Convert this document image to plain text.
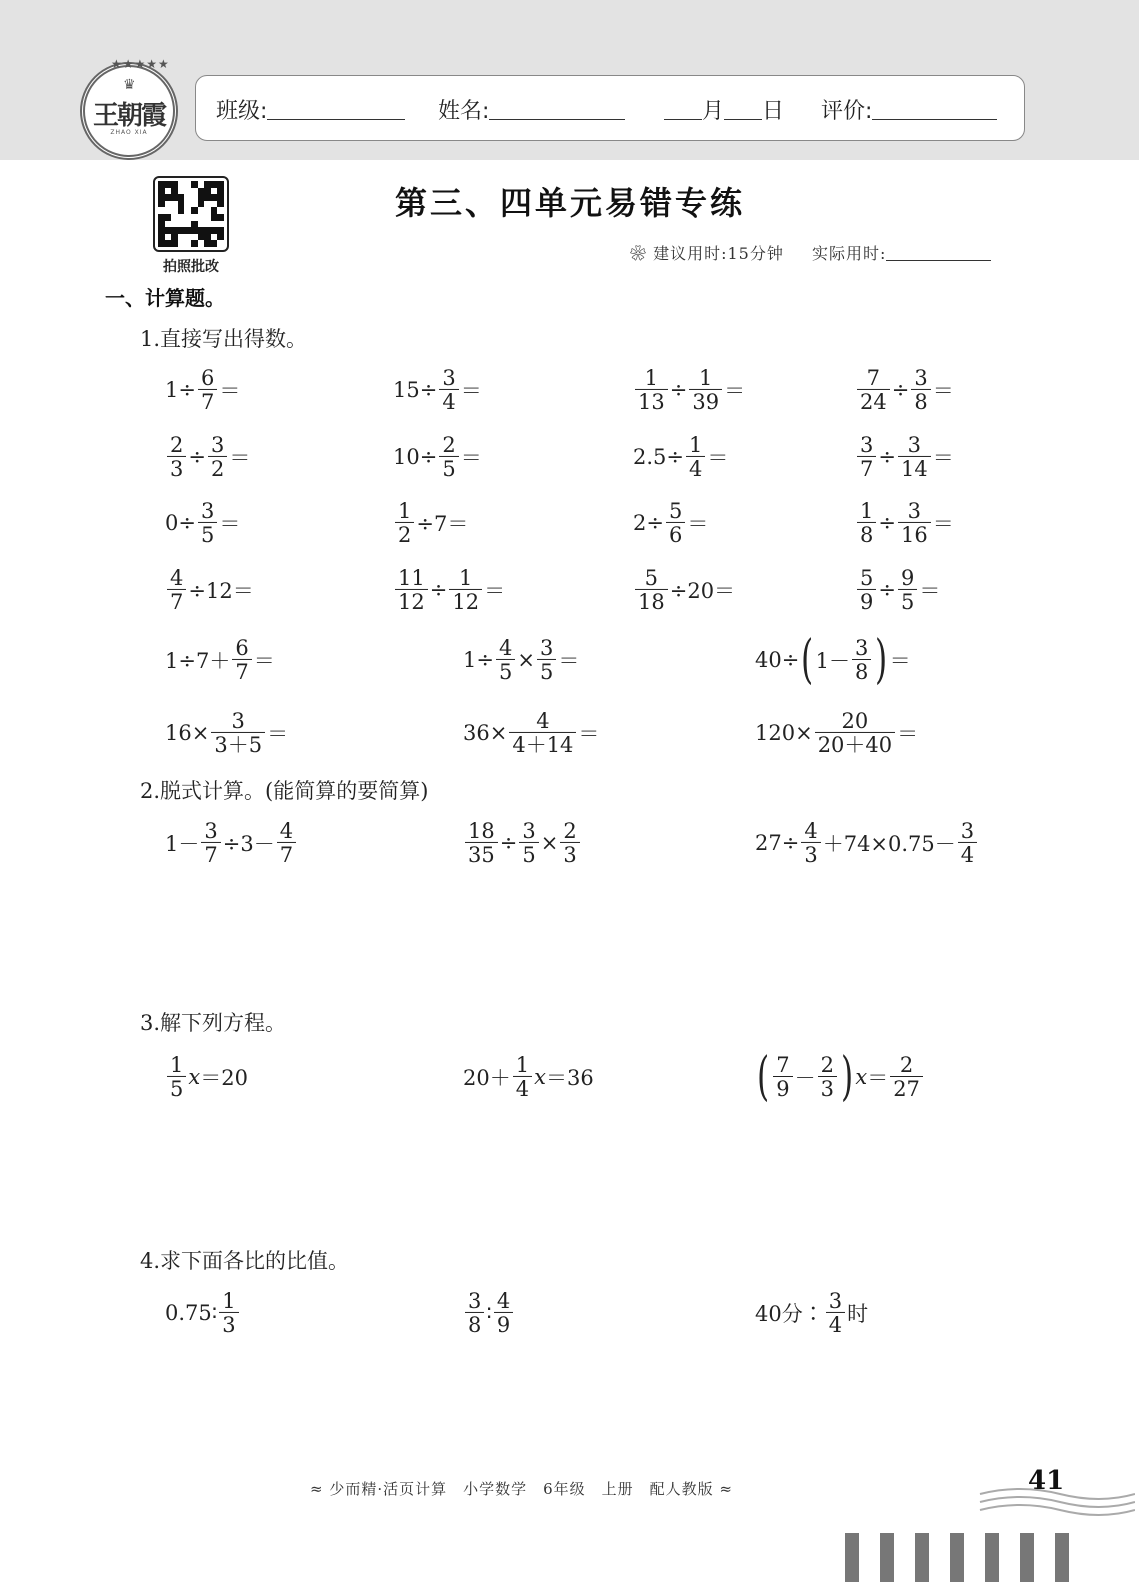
★★★★★
♛
王朝霞
ZHAO XIA
班级:	姓名:	月 日 评价:
拍照批改
第三、四单元易错专练
❀ 建议用时:15分钟 实际用时:
一、计算题。
1.直接写出得数。
2.脱式计算。(能简算的要简算)
3.解下列方程。
4.求下面各比的比值。
$1\div \frac{6}{7}$ ＝	$15\div \frac{3}{4}$ ＝	$\frac{1}{13} \div \frac{1}{39}$ ＝	$\frac{7}{24} \div \frac{3}{8}$ ＝
$\frac{2}{3} \div \frac{3}{2}$ ＝	$10\div \frac{2}{5}$ ＝	$2.5\div \frac{1}{4}$ ＝	$\frac{3}{7} \div \frac{3}{14}$ ＝
$0\div \frac{3}{5}$ ＝	$\frac{1}{2} \div 7=$	$2\div \frac{5}{6}$ ＝	$\frac{1}{8} \div \frac{3}{16}$ ＝
$\frac{4}{7} \div 12=$	$\frac{11}{12} \div \frac{1}{12}$ ＝	$\frac{5}{18} \div 20=$	$\frac{5}{9} \div \frac{9}{5}$ ＝
$1\div 7+ \frac{6}{7}$ ＝	$1\div \frac{4}{5} \times \frac{3}{5}$ ＝	40÷ ( $1- \frac{3}{8}$ ) ＝
$16\times \frac{3}{3+5}$ ＝	$36\times \frac{4}{4+14}$ ＝	$120\times \frac{20}{20+40}$ ＝
$1- \frac{3}{7} \div 3- \frac{4}{7}$	$\frac{18}{35} \div \frac{3}{5} \times \frac{2}{3}$	$27\div \frac{4}{3} +74\times 0.75- \frac{3}{4}$
$\frac{1}{5}$ x ＝20	$20+ \frac{1}{4}$ x ＝36	( $\frac{7}{9} - \frac{2}{3}$ ) $x = \frac{2}{27}$
0.75∶ $\frac{1}{3}$	$\frac{3}{8}$ ∶ $\frac{4}{9}$	40分∶ $\frac{3}{4}$ 时
≈ 少而精·活页计算　小学数学　6年级　上册　配人教版 ≈	41
